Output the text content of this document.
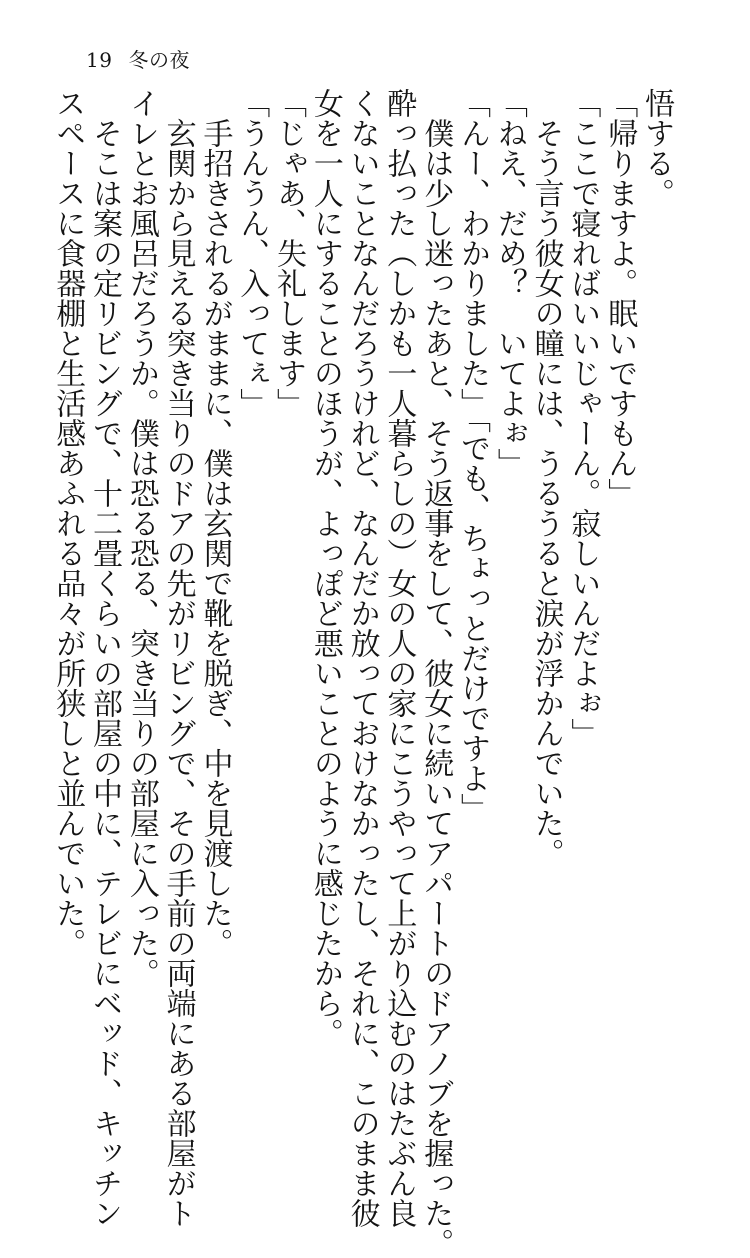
19 冬の夜
悟する。
「帰りますよ。眠いですもん」
「ここで寝ればいいじゃーん。寂しいんだよぉ」
そう言う彼女の瞳には、うるうると涙が浮かんでいた。
「ねえ、だめ？　いてよぉ」
「んー、わかりました」「でも、ちょっとだけですよ」
僕は少し迷ったあと、そう返事をして、彼女に続いてアパートのドアノブを握った。
酔っ払った（しかも一人暮らしの）女の人の家にこうやって上がり込むのはたぶん良
くないことなんだろうけれど、なんだか放っておけなかったし、それに、このまま彼
女を一人にすることのほうが、よっぽど悪いことのように感じたから。
「じゃあ、失礼します」
「うんうん、入ってぇ」
手招きされるがままに、僕は玄関で靴を脱ぎ、中を見渡した。
玄関から見える突き当りのドアの先がリビングで、その手前の両端にある部屋がト
イレとお風呂だろうか。僕は恐る恐る、突き当りの部屋に入った。
そこは案の定リビングで、十二畳くらいの部屋の中に、テレビにベッド、キッチン
スペースに食器棚と生活感あふれる品々が所狭しと並んでいた。
